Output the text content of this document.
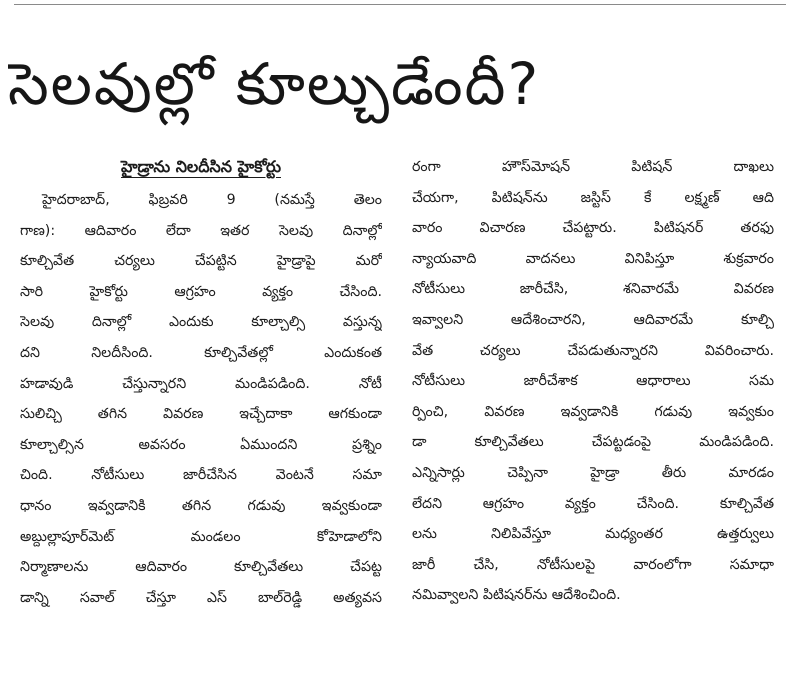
సెలవుల్లో కూల్చుడేందీ?
హైడ్రాను నిలదీసిన హైకోర్టు
హైదరాబాద్, ఫిబ్రవరి 9 (నమస్తే తెలం
గాణ): ఆదివారం లేదా ఇతర సెలవు దినాల్లో
కూల్చివేత చర్యలు చేపట్టిన హైడ్రాపై మరో
సారి హైకోర్టు ఆగ్రహం వ్యక్తం చేసింది.
సెలవు దినాల్లో ఎందుకు కూల్చాల్సి వస్తున్న
దని నిలదీసింది. కూల్చివేతల్లో ఎందుకంత
హడావుడి చేస్తున్నారని మండిపడింది. నోటీ
సులిచ్చి తగిన వివరణ ఇచ్చేదాకా ఆగకుండా
కూల్చాల్సిన అవసరం ఏముందని ప్రశ్నిం
చింది. నోటీసులు జారీచేసిన వెంటనే సమా
ధానం ఇవ్వడానికి తగిన గడువు ఇవ్వకుండా
అబ్దుల్లాపూర్‌మెట్ మండలం కోహెడాలోని
నిర్మాణాలను ఆదివారం కూల్చివేతలు చేపట్ట
డాన్ని సవాల్ చేస్తూ ఎస్ బాల్‌రెడ్డి అత్యవస
రంగా హౌస్‌మోషన్ పిటిషన్ దాఖలు
చేయగా, పిటిషన్‌ను జస్టిస్ కే లక్ష్మణ్ ఆది
వారం విచారణ చేపట్టారు. పిటిషనర్ తరఫు
న్యాయవాది వాదనలు వినిపిస్తూ శుక్రవారం
నోటీసులు జారీచేసి, శనివారమే వివరణ
ఇవ్వాలని ఆదేశించారని, ఆదివారమే కూల్చి
వేత చర్యలు చేపడుతున్నారని వివరించారు.
నోటీసులు జారీచేశాక ఆధారాలు సమ
ర్పించి, వివరణ ఇవ్వడానికి గడువు ఇవ్వకుం
డా కూల్చివేతలు చేపట్టడంపై మండిపడింది.
ఎన్నిసార్లు చెప్పినా హైడ్రా తీరు మారడం
లేదని ఆగ్రహం వ్యక్తం చేసింది. కూల్చివేత
లను నిలిపివేస్తూ మధ్యంతర ఉత్తర్వులు
జారీ చేసి, నోటీసులపై వారంలోగా సమాధా
నమివ్వాలని పిటిషనర్‌ను ఆదేశించింది.
